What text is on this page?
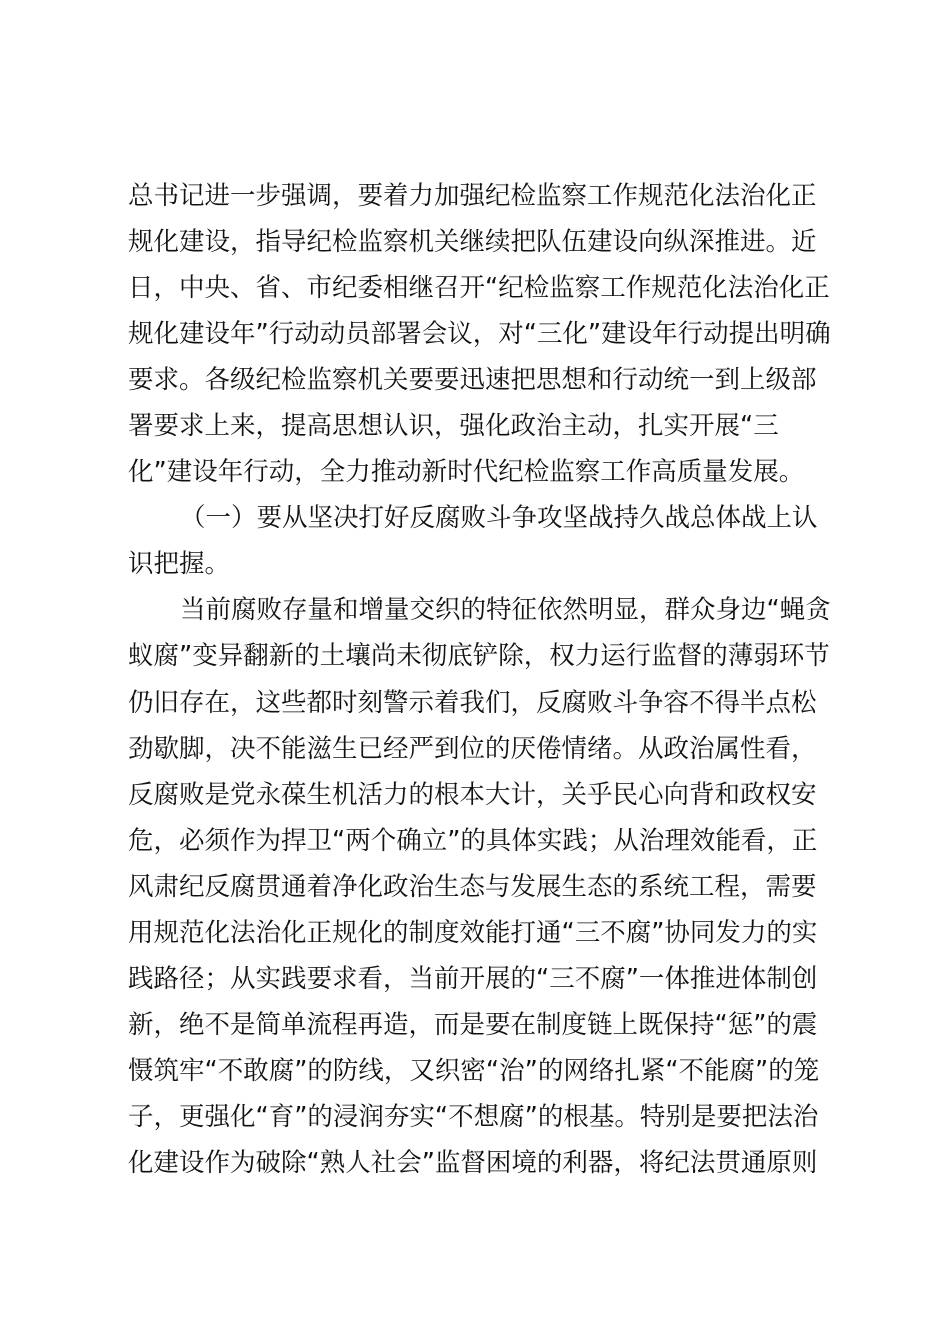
总书记进一步强调，要着力加强纪检监察工作规范化法治化正
规化建设，指导纪检监察机关继续把队伍建设向纵深推进。近
日，中央、省、市纪委相继召开“纪检监察工作规范化法治化正
规化建设年”行动动员部署会议，对“三化”建设年行动提出明确
要求。各级纪检监察机关要要迅速把思想和行动统一到上级部
署要求上来，提高思想认识，强化政治主动，扎实开展“三
化”建设年行动，全力推动新时代纪检监察工作高质量发展。
（一）要从坚决打好反腐败斗争攻坚战持久战总体战上认
识把握。
当前腐败存量和增量交织的特征依然明显，群众身边“蝇贪
蚁腐”变异翻新的土壤尚未彻底铲除，权力运行监督的薄弱环节
仍旧存在，这些都时刻警示着我们，反腐败斗争容不得半点松
劲歇脚，决不能滋生已经严到位的厌倦情绪。从政治属性看，
反腐败是党永葆生机活力的根本大计，关乎民心向背和政权安
危，必须作为捍卫“两个确立”的具体实践；从治理效能看，正
风肃纪反腐贯通着净化政治生态与发展生态的系统工程，需要
用规范化法治化正规化的制度效能打通“三不腐”协同发力的实
践路径；从实践要求看，当前开展的“三不腐”一体推进体制创
新，绝不是简单流程再造，而是要在制度链上既保持“惩”的震
慑筑牢“不敢腐”的防线，又织密“治”的网络扎紧“不能腐”的笼
子，更强化“育”的浸润夯实“不想腐”的根基。特别是要把法治
化建设作为破除“熟人社会”监督困境的利器，将纪法贯通原则
